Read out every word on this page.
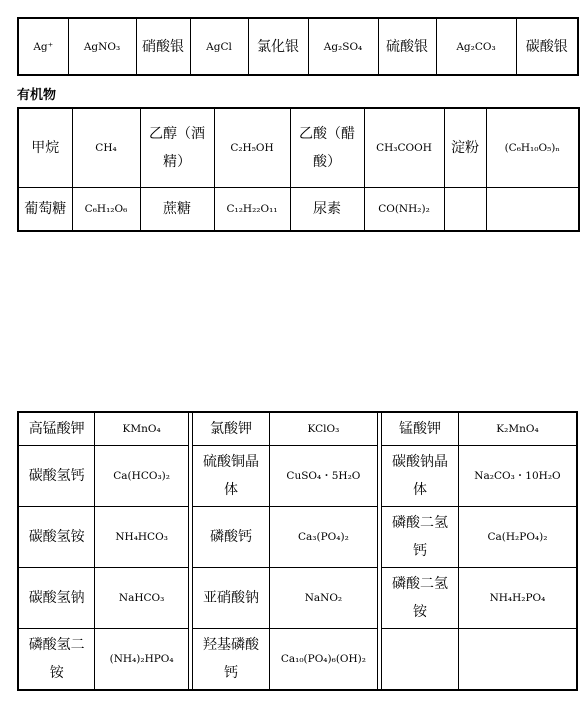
Ag⁺	AgNO₃	硝酸银	AgCl	氯化银	Ag₂SO₄	硫酸银	Ag₂CO₃	碳酸银
有机物
甲烷	CH₄	乙醇（酒精）	C₂H₅OH	乙酸（醋酸）	CH₃COOH	淀粉	(C₆H₁₀O₅)ₙ
葡萄糖	C₆H₁₂O₆	蔗糖	C₁₂H₂₂O₁₁	尿素	CO(NH₂)₂		
高锰酸钾	KMnO₄		氯酸钾	KClO₃		锰酸钾	K₂MnO₄
碳酸氢钙	Ca(HCO₃)₂		硫酸铜晶体	CuSO₄・5H₂O		碳酸钠晶体	Na₂CO₃・10H₂O
碳酸氢铵	NH₄HCO₃		磷酸钙	Ca₃(PO₄)₂		磷酸二氢钙	Ca(H₂PO₄)₂
碳酸氢钠	NaHCO₃		亚硝酸钠	NaNO₂		磷酸二氢铵	NH₄H₂PO₄
磷酸氢二铵	(NH₄)₂HPO₄		羟基磷酸钙	Ca₁₀(PO₄)₆(OH)₂			
